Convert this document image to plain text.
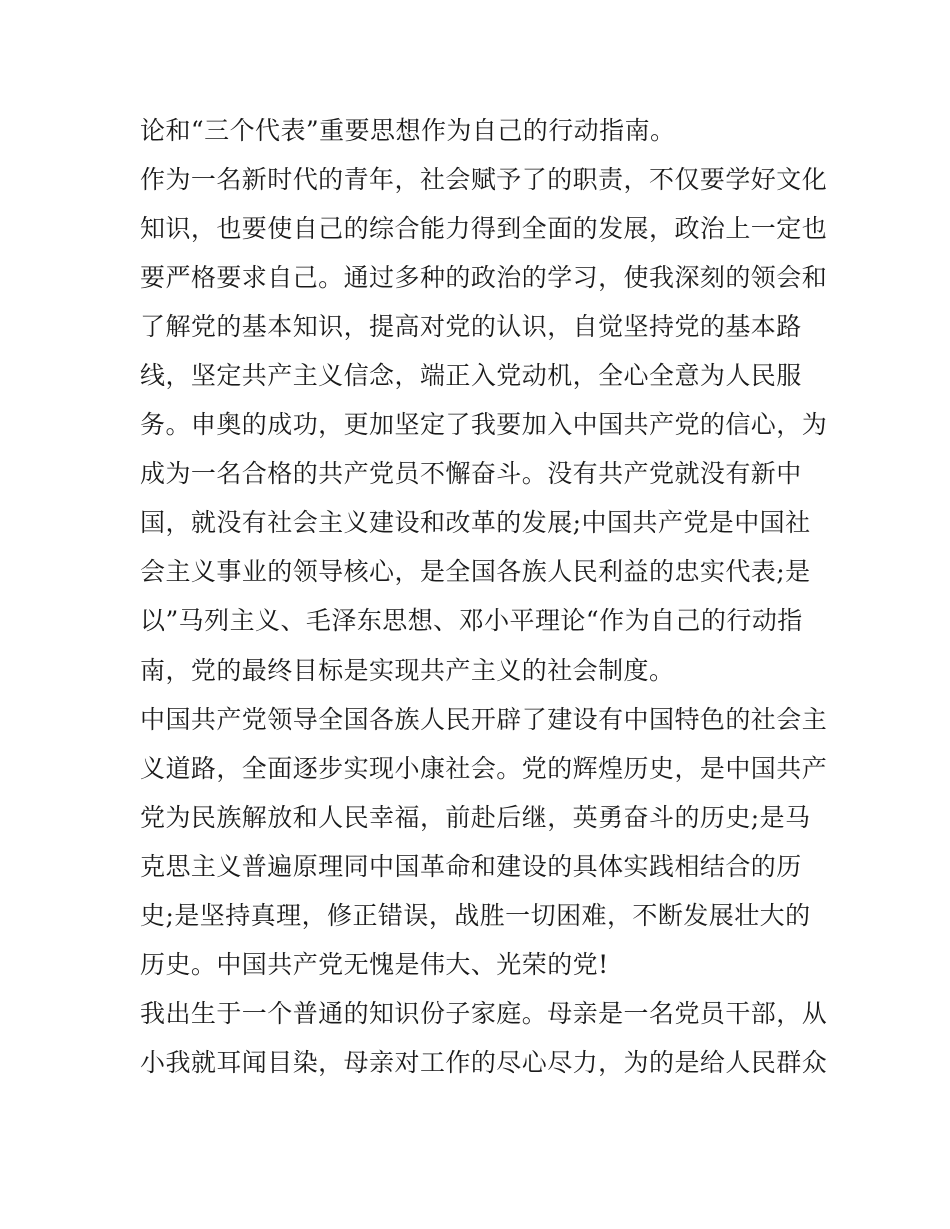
论和“三个代表”重要思想作为自己的行动指南。
作为一名新时代的青年，社会赋予了的职责，不仅要学好文化
知识，也要使自己的综合能力得到全面的发展，政治上一定也
要严格要求自己。通过多种的政治的学习，使我深刻的领会和
了解党的基本知识，提高对党的认识，自觉坚持党的基本路
线，坚定共产主义信念，端正入党动机，全心全意为人民服
务。申奥的成功，更加坚定了我要加入中国共产党的信心，为
成为一名合格的共产党员不懈奋斗。没有共产党就没有新中
国，就没有社会主义建设和改革的发展;中国共产党是中国社
会主义事业的领导核心，是全国各族人民利益的忠实代表;是
以”马列主义、毛泽东思想、邓小平理论“作为自己的行动指
南，党的最终目标是实现共产主义的社会制度。
中国共产党领导全国各族人民开辟了建设有中国特色的社会主
义道路，全面逐步实现小康社会。党的辉煌历史，是中国共产
党为民族解放和人民幸福，前赴后继，英勇奋斗的历史;是马
克思主义普遍原理同中国革命和建设的具体实践相结合的历
史;是坚持真理，修正错误，战胜一切困难，不断发展壮大的
历史。中国共产党无愧是伟大、光荣的党!
我出生于一个普通的知识份子家庭。母亲是一名党员干部，从
小我就耳闻目染，母亲对工作的尽心尽力，为的是给人民群众
